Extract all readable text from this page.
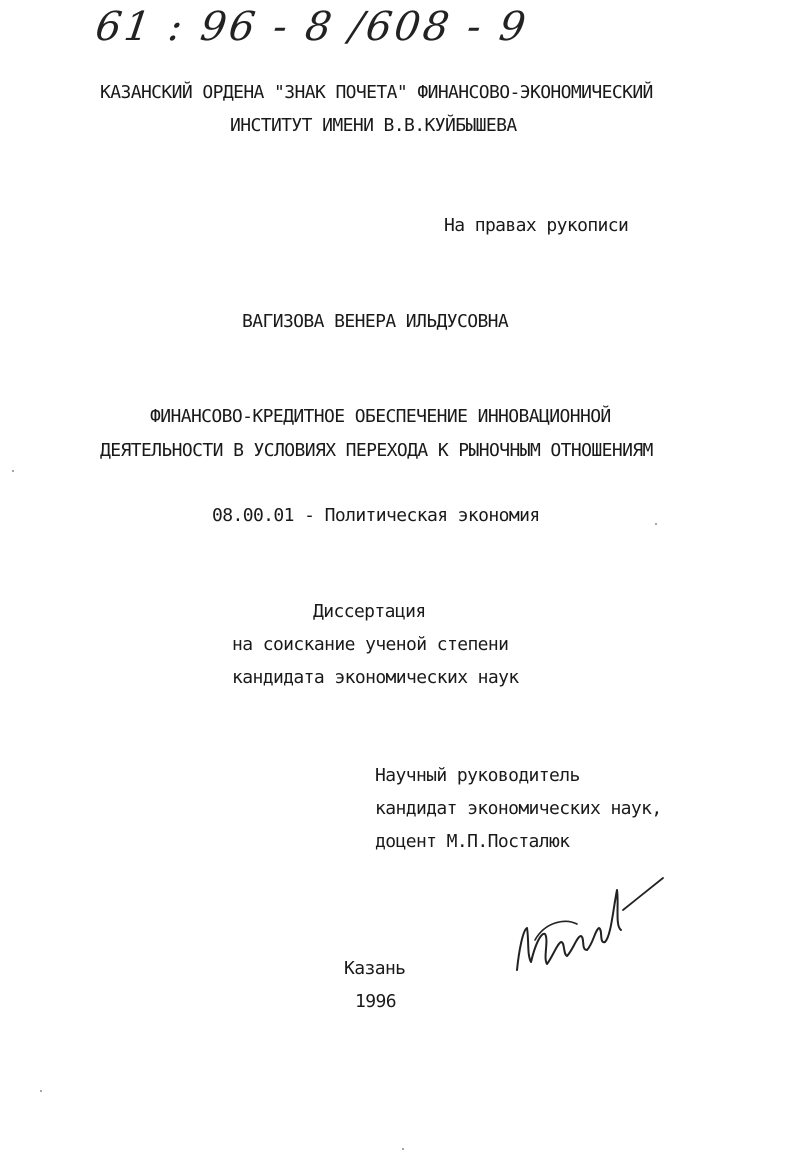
61 : 96 - 8 /608 - 9
КАЗАНСКИЙ ОРДЕНА "ЗНАК ПОЧЕТА" ФИНАНСОВО-ЭКОНОМИЧЕСКИЙ
ИНСТИТУТ ИМЕНИ В.В.КУЙБЫШЕВА
На правах рукописи
ВАГИЗОВА ВЕНЕРА ИЛЬДУСОВНА
ФИНАНСОВО-КРЕДИТНОЕ ОБЕСПЕЧЕНИЕ ИННОВАЦИОННОЙ
ДЕЯТЕЛЬНОСТИ В УСЛОВИЯХ ПЕРЕХОДА К РЫНОЧНЫМ ОТНОШЕНИЯМ
08.00.01 - Политическая экономия
Диссертация
на соискание ученой степени
кандидата экономических наук
Научный руководитель
кандидат экономических наук,
доцент М.П.Посталюк
Казань
1996
